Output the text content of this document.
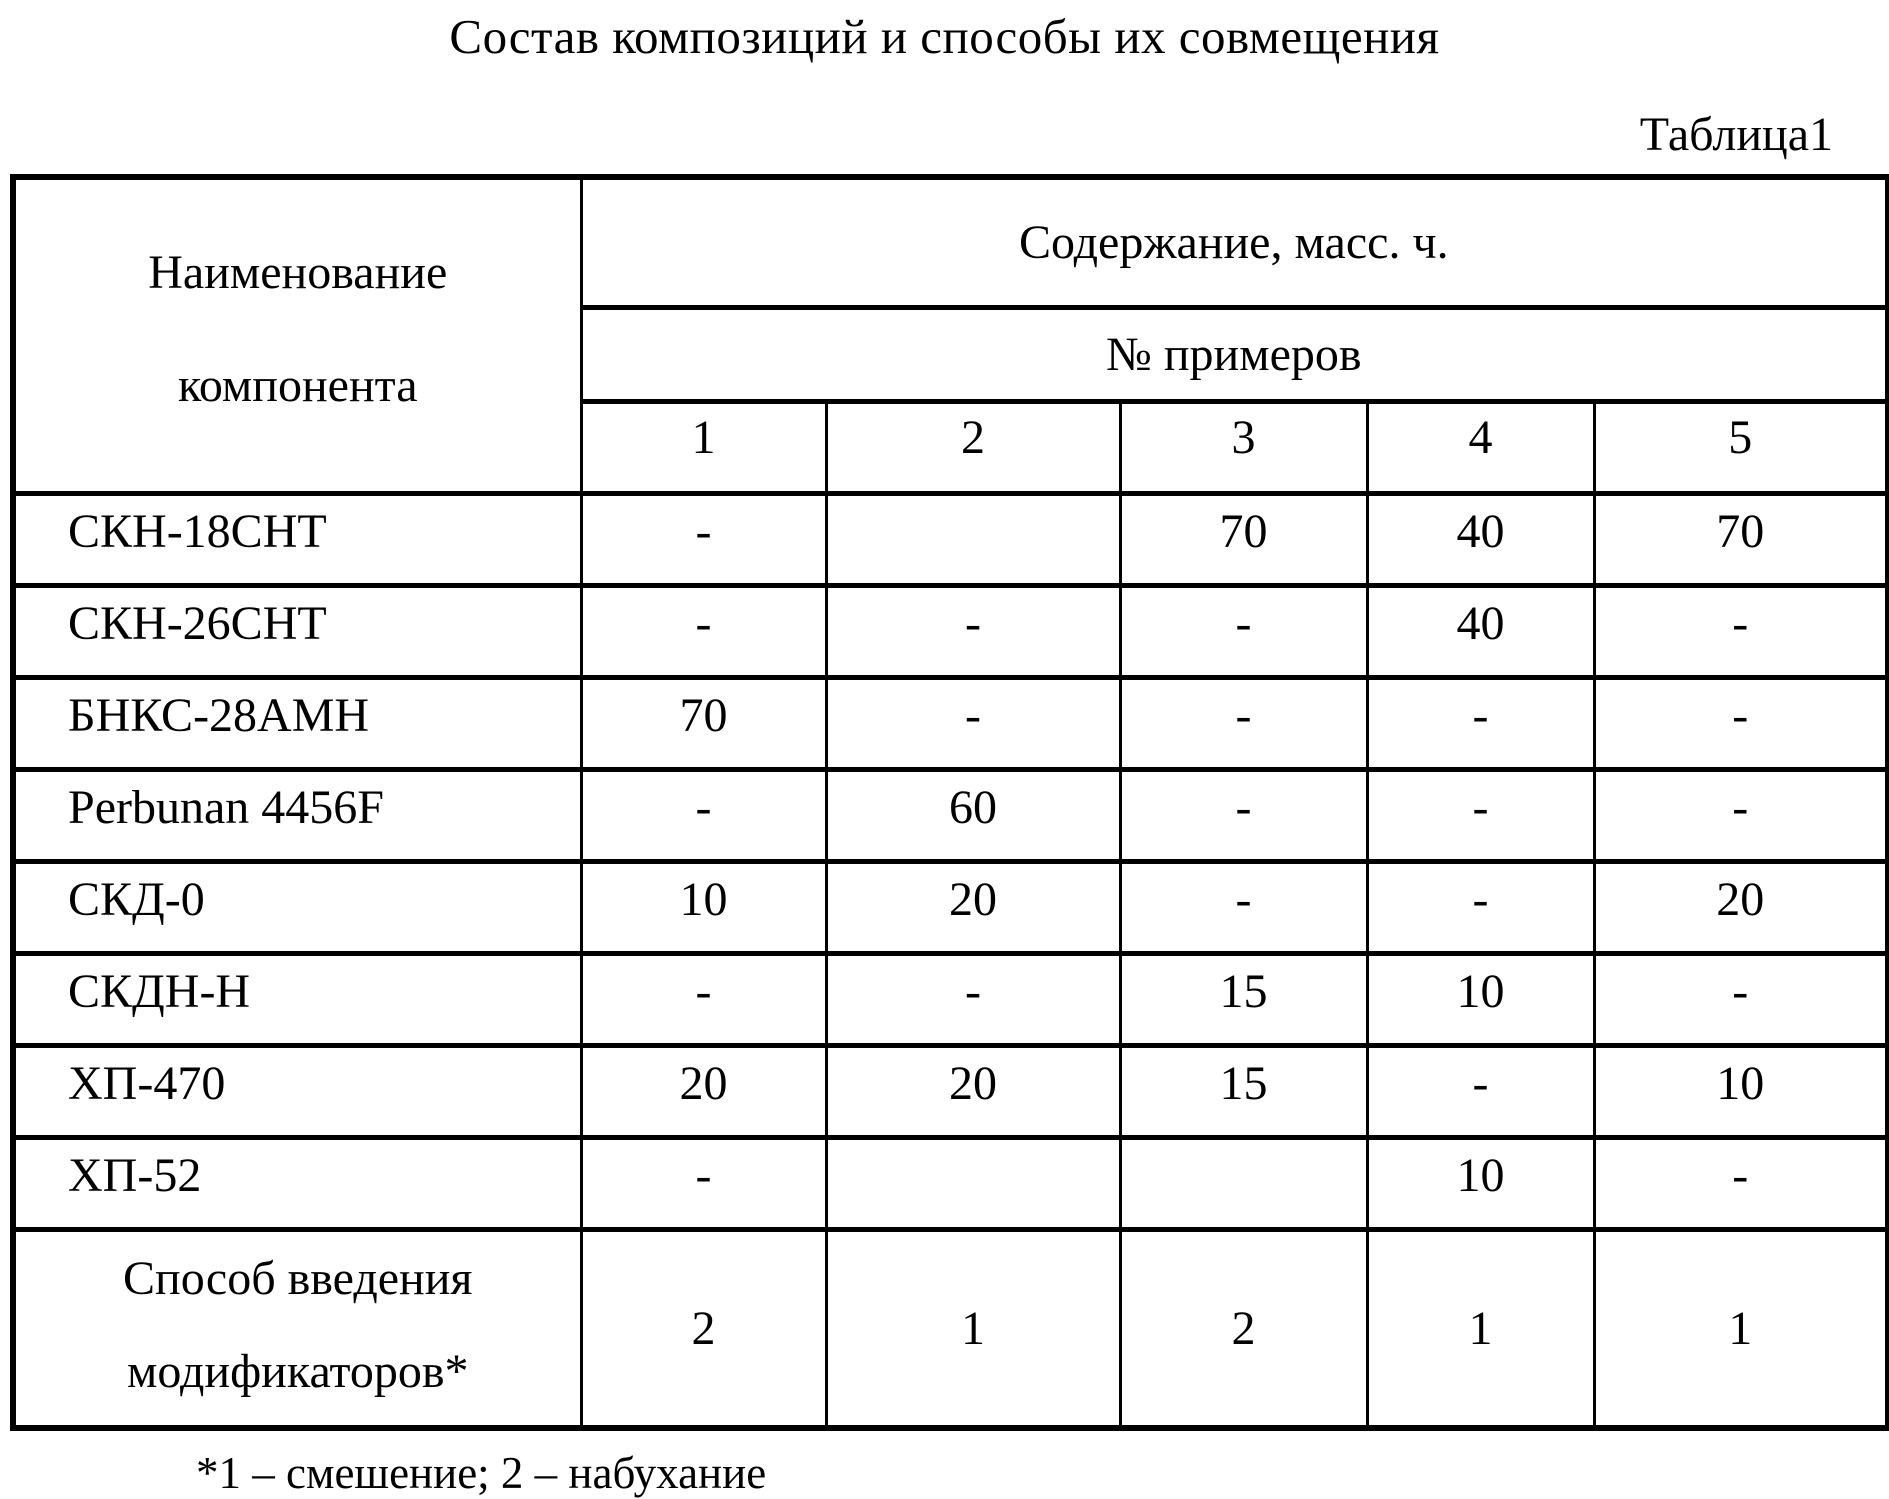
Состав композиций и способы их совмещения
Таблица1
Наименование
компонента	Содержание, масс. ч.				
	№ примеров				
	1	2	3	4	5
СКН-18СНТ	-		70	40	70
СКН-26СНТ	-	-	-	40	-
БНКС-28АМН	70	-	-	-	-
Perbunan 4456F	-	60	-	-	-
СКД-0	10	20	-	-	20
СКДН-Н	-	-	15	10	-
ХП-470	20	20	15	-	10
ХП-52	-			10	-
Способ введения модификаторов*	2	1	2	1	1
*1 – смешение; 2 – набухание
